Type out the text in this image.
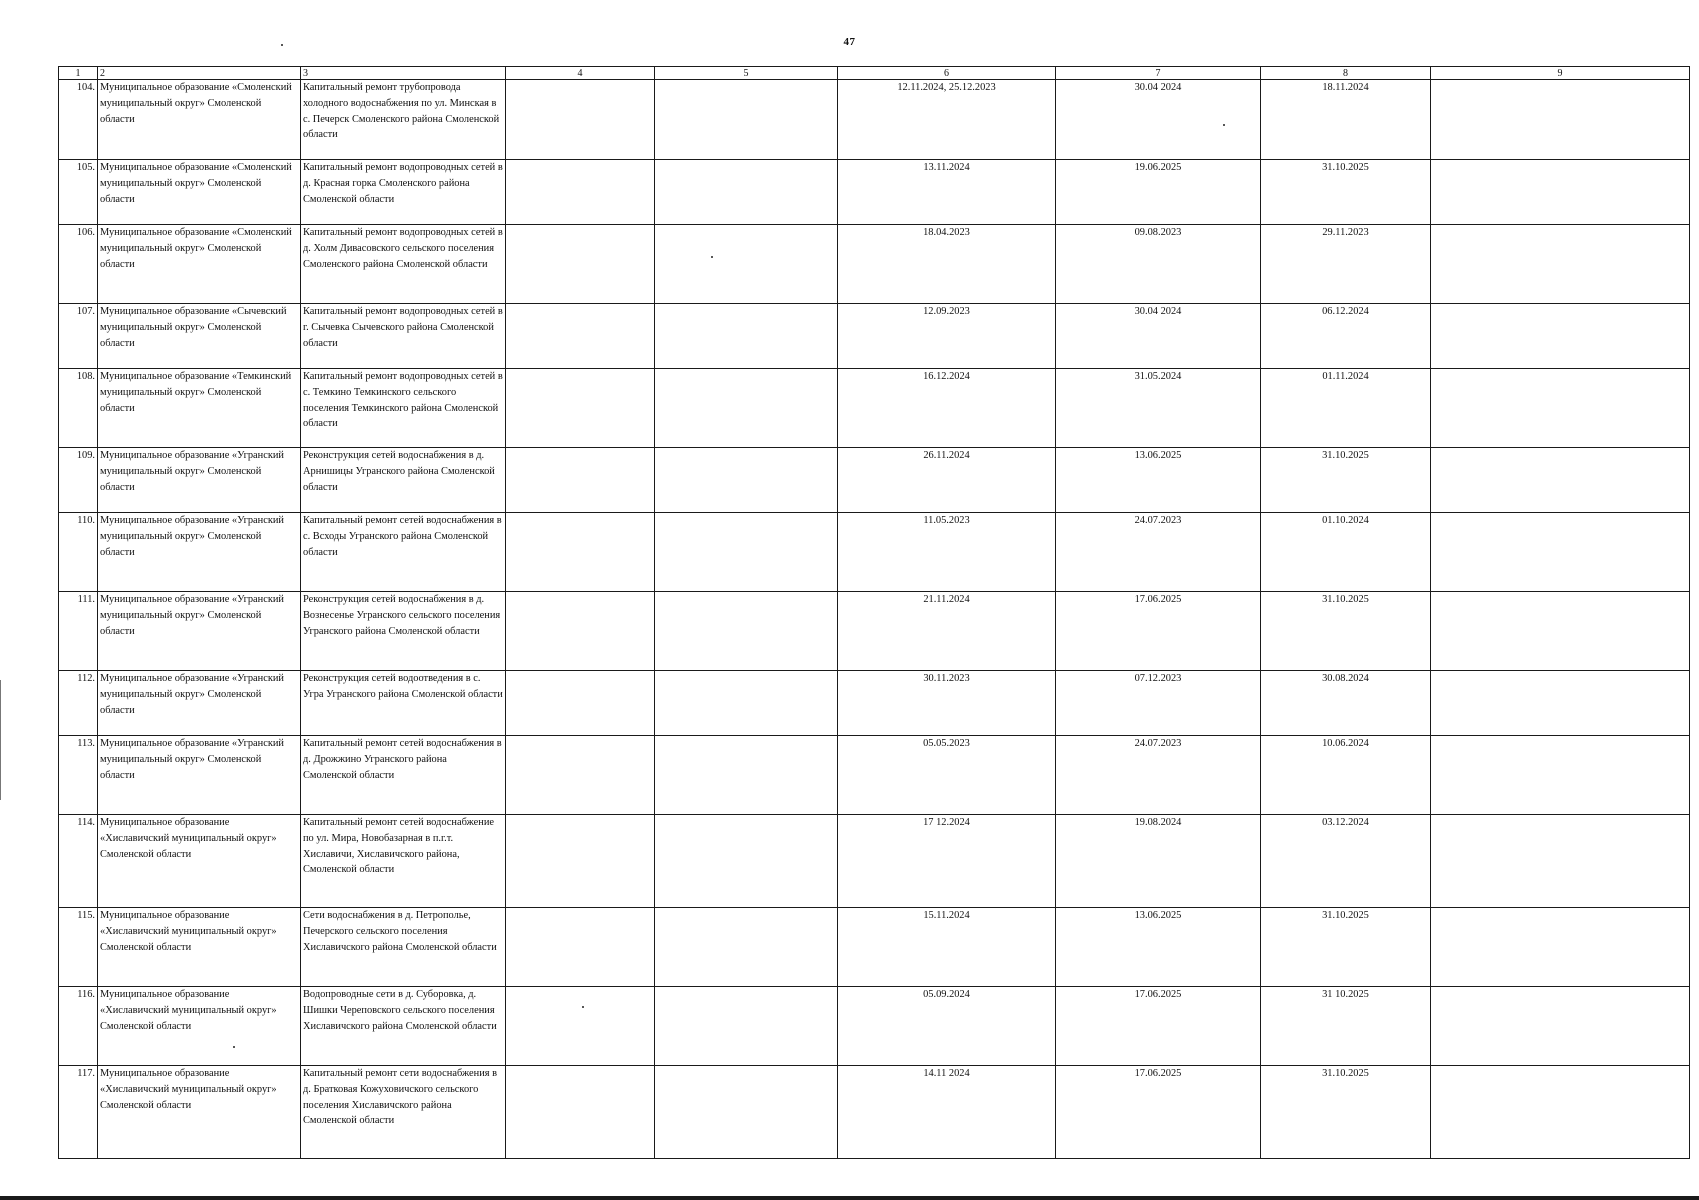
47
1	2	3	4	5	6	7	8	9
104.	Муниципальное образование «Смоленский муниципальный округ» Смоленской области	Капитальный ремонт трубопровода холодного водоснабжения по ул. Минская в с. Печерск Смоленского района Смоленской области			12.11.2024, 25.12.2023	30.04 2024	18.11.2024	
105.	Муниципальное образование «Смоленский муниципальный округ» Смоленской области	Капитальный ремонт водопроводных сетей в д. Красная горка Смоленского района Смоленской области			13.11.2024	19.06.2025	31.10.2025	
106.	Муниципальное образование «Смоленский муниципальный округ» Смоленской области	Капитальный ремонт водопроводных сетей в д. Холм Дивасовского сельского поселения Смоленского района Смоленской области			18.04.2023	09.08.2023	29.11.2023	
107.	Муниципальное образование «Сычевский муниципальный округ» Смоленской области	Капитальный ремонт водопроводных сетей в г. Сычевка Сычевского района Смоленской области			12.09.2023	30.04 2024	06.12.2024	
108.	Муниципальное образование «Темкинский муниципальный округ» Смоленской области	Капитальный ремонт водопроводных сетей в с. Темкино Темкинского сельского поселения Темкинского района Смоленской области			16.12.2024	31.05.2024	01.11.2024	
109.	Муниципальное образование «Угранский муниципальный округ» Смоленской области	Реконструкция сетей водоснабжения в д. Арнишицы Угранского района Смоленской области			26.11.2024	13.06.2025	31.10.2025	
110.	Муниципальное образование «Угранский муниципальный округ» Смоленской области	Капитальный ремонт сетей водоснабжения в с. Всходы Угранского района Смоленской области			11.05.2023	24.07.2023	01.10.2024	
111.	Муниципальное образование «Угранский муниципальный округ» Смоленской области	Реконструкция сетей водоснабжения в д. Вознесенье Угранского сельского поселения Угранского района Смоленской области			21.11.2024	17.06.2025	31.10.2025	
112.	Муниципальное образование «Угранский муниципальный округ» Смоленской области	Реконструкция сетей водоотведения в с. Угра Угранского района Смоленской области			30.11.2023	07.12.2023	30.08.2024	
113.	Муниципальное образование «Угранский муниципальный округ» Смоленской области	Капитальный ремонт сетей водоснабжения в д. Дрожжино Угранского района Смоленской области			05.05.2023	24.07.2023	10.06.2024	
114.	Муниципальное образование «Хиславичский муниципальный округ» Смоленской области	Капитальный ремонт сетей водоснабжение по ул. Мира, Новобазарная в п.г.т. Хиславичи, Хиславичского района, Смоленской области			17 12.2024	19.08.2024	03.12.2024	
115.	Муниципальное образование «Хиславичский муниципальный округ» Смоленской области	Сети водоснабжения в д. Петрополье, Печерского сельского поселения Хиславичского района Смоленской области			15.11.2024	13.06.2025	31.10.2025	
116.	Муниципальное образование «Хиславичский муниципальный округ» Смоленской области	Водопроводные сети в д. Суборовка, д. Шишки Череповского сельского поселения Хиславичского района Смоленской области			05.09.2024	17.06.2025	31 10.2025	
117.	Муниципальное образование «Хиславичский муниципальный округ» Смоленской области	Капитальный ремонт сети водоснабжения в д. Братковая Кожуховичского сельского поселения Хиславичского района Смоленской области			14.11 2024	17.06.2025	31.10.2025	
